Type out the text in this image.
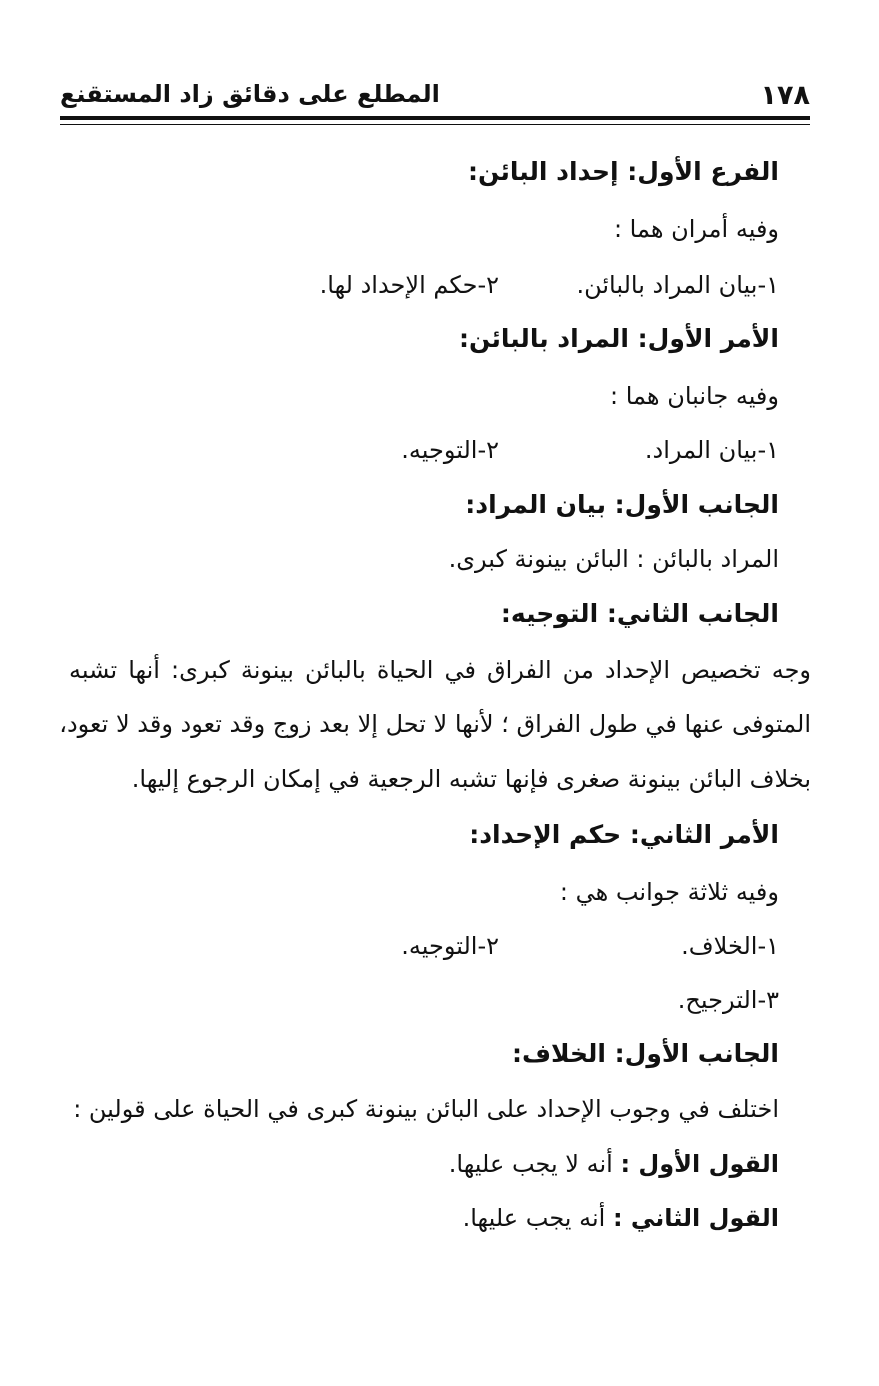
١٧٨
المطلع على دقائق زاد المستقنع
الفرع الأول: إحداد البائن:
وفيه أمران هما :
١-بيان المراد بالبائن.
٢-حكم الإحداد لها.
الأمر الأول: المراد بالبائن:
وفيه جانبان هما :
١-بيان المراد.
٢-التوجيه.
الجانب الأول: بيان المراد:
المراد بالبائن : البائن بينونة كبرى.
الجانب الثاني: التوجيه:
وجه تخصيص الإحداد من الفراق في الحياة بالبائن بينونة كبرى: أنها تشبه
المتوفى عنها في طول الفراق ؛ لأنها لا تحل إلا بعد زوج وقد تعود وقد لا تعود،
بخلاف البائن بينونة صغرى فإنها تشبه الرجعية في إمكان الرجوع إليها.
الأمر الثاني: حكم الإحداد:
وفيه ثلاثة جوانب هي :
١-الخلاف.
٢-التوجيه.
٣-الترجيح.
الجانب الأول: الخلاف:
اختلف في وجوب الإحداد على البائن بينونة كبرى في الحياة على قولين :
القول الأول : أنه لا يجب عليها.
القول الثاني : أنه يجب عليها.
